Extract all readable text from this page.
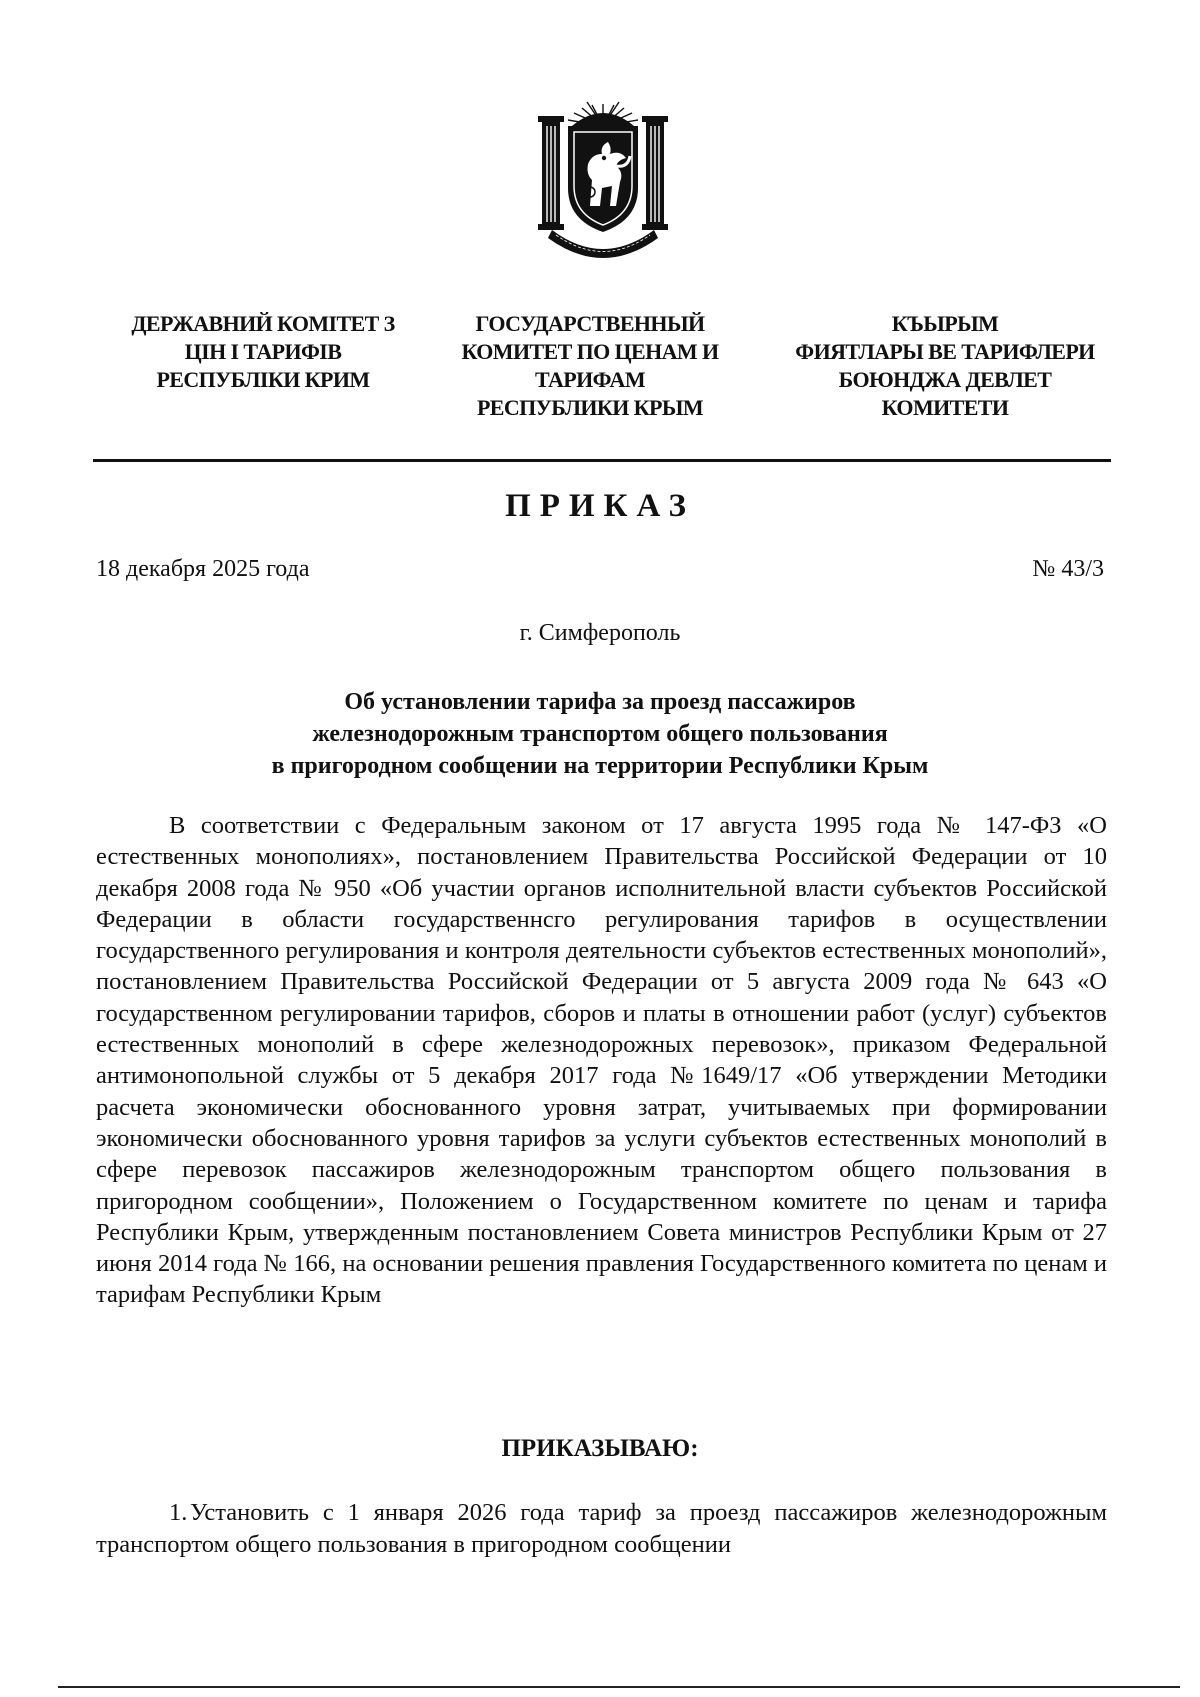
ДЕРЖАВНИЙ КОМІТЕТ З
ЦІН І ТАРИФІВ
РЕСПУБЛІКИ КРИМ
ГОСУДАРСТВЕННЫЙ
КОМИТЕТ ПО ЦЕНАМ И
ТАРИФАМ
РЕСПУБЛИКИ КРЫМ
КЪЫРЫМ
ФИЯТЛАРЫ ВЕ ТАРИФЛЕРИ
БОЮНДЖА ДЕВЛЕТ
КОМИТЕТИ
ПРИКАЗ
18 декабря 2025 года	№ 43/3
г. Симферополь
Об установлении тарифа за проезд пассажиров
железнодорожным транспортом общего пользования
в пригородном сообщении на территории Республики Крым

В соответствии с Федеральным законом от 17 августа 1995 года № 147-ФЗ «О естественных монополиях», постановлением Правительства Российской Федерации от 10 декабря 2008 года № 950 «Об участии органов исполнительной власти субъектов Российской Федерации в области государственнсго регулирования тарифов в осуществлении государственного регулирования и контроля деятельности субъектов естественных монополий», постановлением Правительства Российской Федерации от 5 августа 2009 года № 643 «О государственном регулировании тарифов, сборов и платы в отношении работ (услуг) субъектов естественных монополий в сфере железнодорожных перевозок», приказом Федеральной антимонопольной службы от 5 декабря 2017 года №1649/17 «Об утверждении Методики расчета экономически обоснованного уровня затрат, учитываемых при формировании экономически обоснованного уровня тарифов за услуги субъектов естественных монополий в сфере перевозок пассажиров железнодорожным транспортом общего пользования в пригородном сообщении», Положением о Государственном комитете по ценам и тарифа Республики Крым, утвержденным постановлением Совета министров Республики Крым от 27 июня 2014 года № 166, на основании решения правления Государственного комитета по ценам и тарифам Республики Крым

ПРИКАЗЫВАЮ:

1. Установить с 1 января 2026 года тариф за проезд пассажиров железнодорожным транспортом общего пользования в пригородном сообщении
